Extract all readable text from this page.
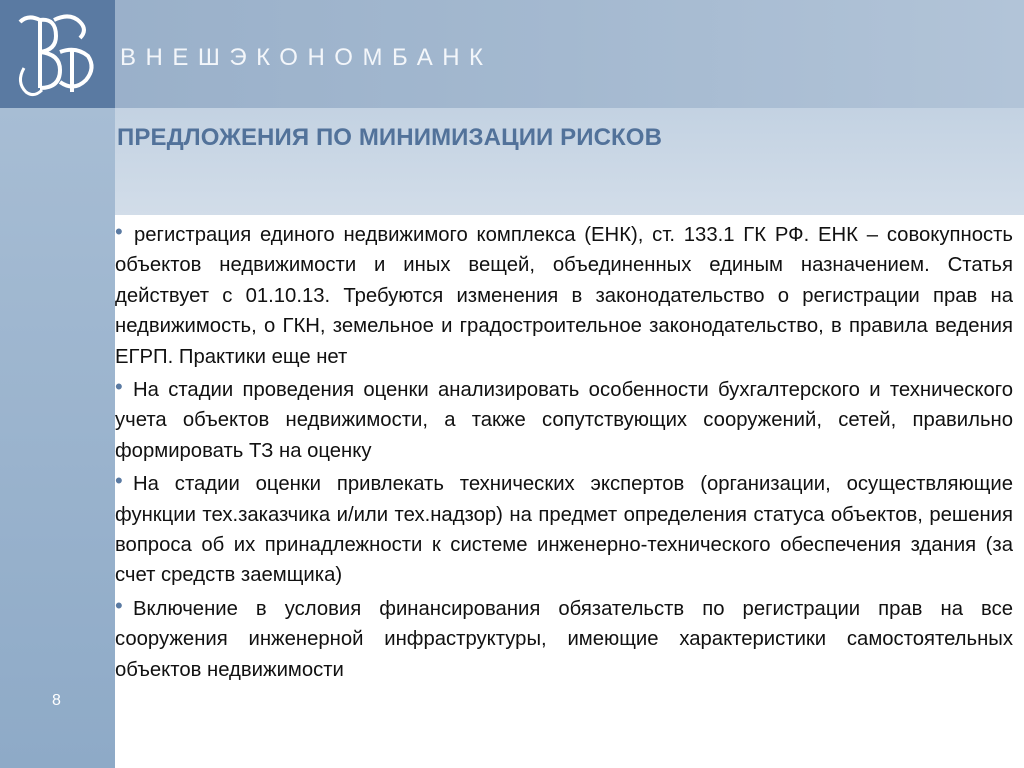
ВНЕШЭКОНОМБАНК
ПРЕДЛОЖЕНИЯ ПО МИНИМИЗАЦИИ РИСКОВ

• регистрация единого недвижимого комплекса (ЕНК), ст. 133.1 ГК РФ. ЕНК – совокупность объектов недвижимости и иных вещей, объединенных единым назначением. Статья действует с 01.10.13. Требуются изменения в законодательство о регистрации прав на недвижимость, о ГКН, земельное и градостроительное законодательство, в правила ведения ЕГРП. Практики еще нет

• На стадии проведения оценки анализировать особенности бухгалтерского и технического учета объектов недвижимости, а также сопутствующих сооружений, сетей, правильно формировать ТЗ на оценку

• На стадии оценки привлекать технических экспертов (организации, осуществляющие функции тех.заказчика и/или тех.надзор) на предмет определения статуса объектов, решения вопроса об их принадлежности к системе инженерно-технического обеспечения здания (за счет средств заемщика)

• Включение в условия финансирования обязательств по регистрации прав на все сооружения инженерной инфраструктуры, имеющие характеристики самостоятельных объектов недвижимости

8
